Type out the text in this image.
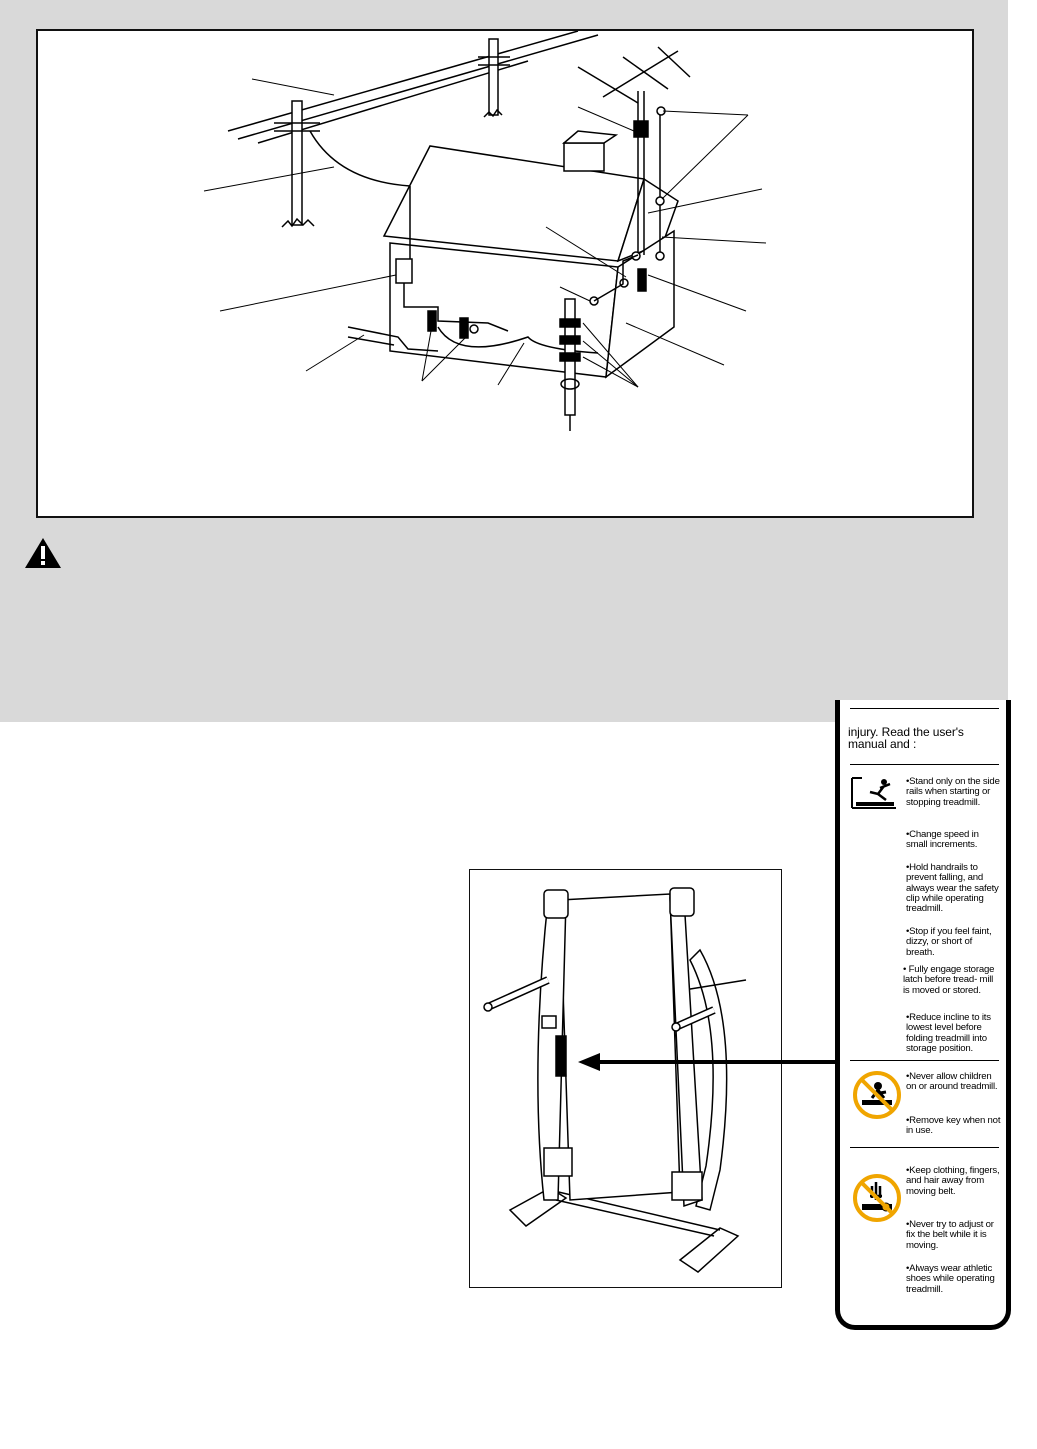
injury. Read the user's manual and :
•Stand only on the side rails when starting or stopping treadmill.
•Change speed in small increments.
•Hold handrails to prevent falling, and always wear the safety clip while operating treadmill.
•Stop if you feel faint, dizzy, or short of breath.
• Fully engage storage latch before tread- mill is moved or stored.
•Reduce incline to its lowest level before folding treadmill into storage position.
•Never allow children on or around treadmill.
•Remove key when not in use.
•Keep clothing, fingers, and hair away from moving belt.
•Never try to adjust or fix the belt while it is moving.
•Always wear athletic shoes while operating treadmill.
